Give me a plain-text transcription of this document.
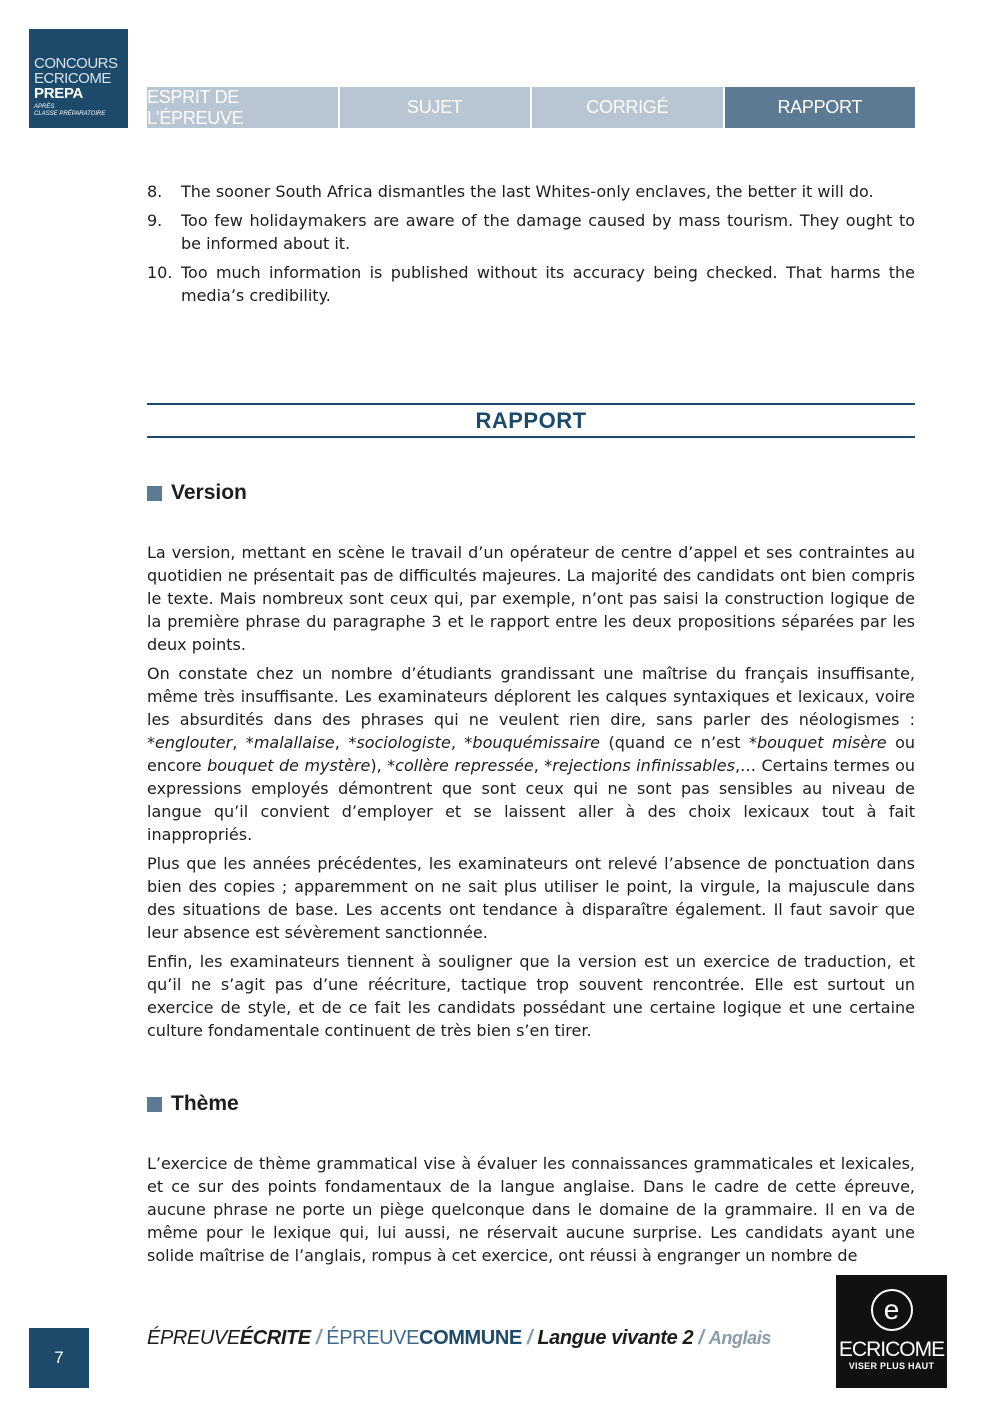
CONCOURS
ECRICOME
PREPA
APRÈS
CLASSE PRÉPARATOIRE
ESPRIT DE L’ÉPREUVE
SUJET	CORRIGÉ	RAPPORT
8. The sooner South Africa dismantles the last Whites-only enclaves, the better it will do.
9. Too few holidaymakers are aware of the damage caused by mass tourism. They ought to be informed about it.
10. Too much information is published without its accuracy being checked. That harms the media’s credibility.
RAPPORT
Version

La version, mettant en scène le travail d’un opérateur de centre d’appel et ses contraintes au quotidien ne présentait pas de difficultés majeures. La majorité des candidats ont bien compris le texte. Mais nombreux sont ceux qui, par exemple, n’ont pas saisi la construction logique de la première phrase du paragraphe 3 et le rapport entre les deux propositions séparées par les deux points.

On constate chez un nombre d’étudiants grandissant une maîtrise du français insuffisante, même très insuffisante. Les examinateurs déplorent les calques syntaxiques et lexicaux, voire les absurdités dans des phrases qui ne veulent rien dire, sans parler des néologismes : *englouter, *malallaise, *sociologiste, *bouquémissaire (quand ce n’est *bouquet misère ou encore bouquet de mystère), *collère repressée, *rejections infinissables,… Certains termes ou expressions employés démontrent que sont ceux qui ne sont pas sensibles au niveau de langue qu’il convient d’employer et se laissent aller à des choix lexicaux tout à fait inappropriés.

Plus que les années précédentes, les examinateurs ont relevé l’absence de ponctuation dans bien des copies ; apparemment on ne sait plus utiliser le point, la virgule, la majuscule dans des situations de base. Les accents ont tendance à disparaître également. Il faut savoir que leur absence est sévèrement sanctionnée.

Enfin, les examinateurs tiennent à souligner que la version est un exercice de traduction, et qu’il ne s’agit pas d’une réécriture, tactique trop souvent rencontrée. Elle est surtout un exercice de style, et de ce fait les candidats possédant une certaine logique et une certaine culture fondamentale continuent de très bien s’en tirer.

Thème

L’exercice de thème grammatical vise à évaluer les connaissances grammaticales et lexicales, et ce sur des points fondamentaux de la langue anglaise. Dans le cadre de cette épreuve, aucune phrase ne porte un piège quelconque dans le domaine de la grammaire. Il en va de même pour le lexique qui, lui aussi, ne réservait aucune surprise. Les candidats ayant une solide maîtrise de l’anglais, rompus à cet exercice, ont réussi à engranger un nombre de

7
ÉPREUVEÉCRITE / ÉPREUVECOMMUNE / Langue vivante 2 / Anglais
e
ECRICOME
VISER PLUS HAUT
